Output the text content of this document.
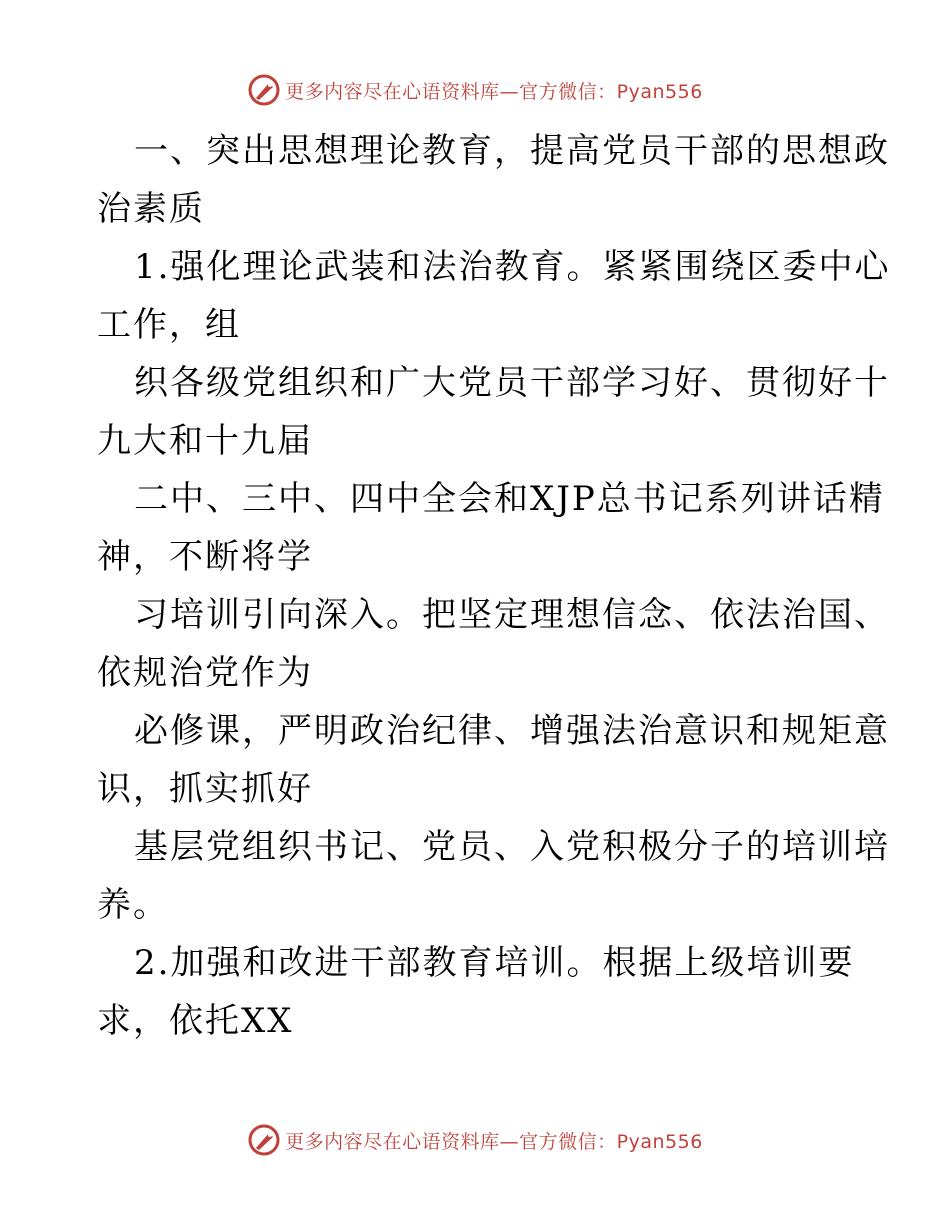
更多内容尽在心语资料库—官方微信：Pyan556
一、突出思想理论教育，提高党员干部的思想政
治素质
1.强化理论武装和法治教育。紧紧围绕区委中心
工作，组
织各级党组织和广大党员干部学习好、贯彻好十
九大和十九届
二中、三中、四中全会和XJP总书记系列讲话精
神，不断将学
习培训引向深入。把坚定理想信念、依法治国、
依规治党作为
必修课，严明政治纪律、增强法治意识和规矩意
识，抓实抓好
基层党组织书记、党员、入党积极分子的培训培
养。
2.加强和改进干部教育培训。根据上级培训要
求，依托XX
更多内容尽在心语资料库—官方微信：Pyan556
